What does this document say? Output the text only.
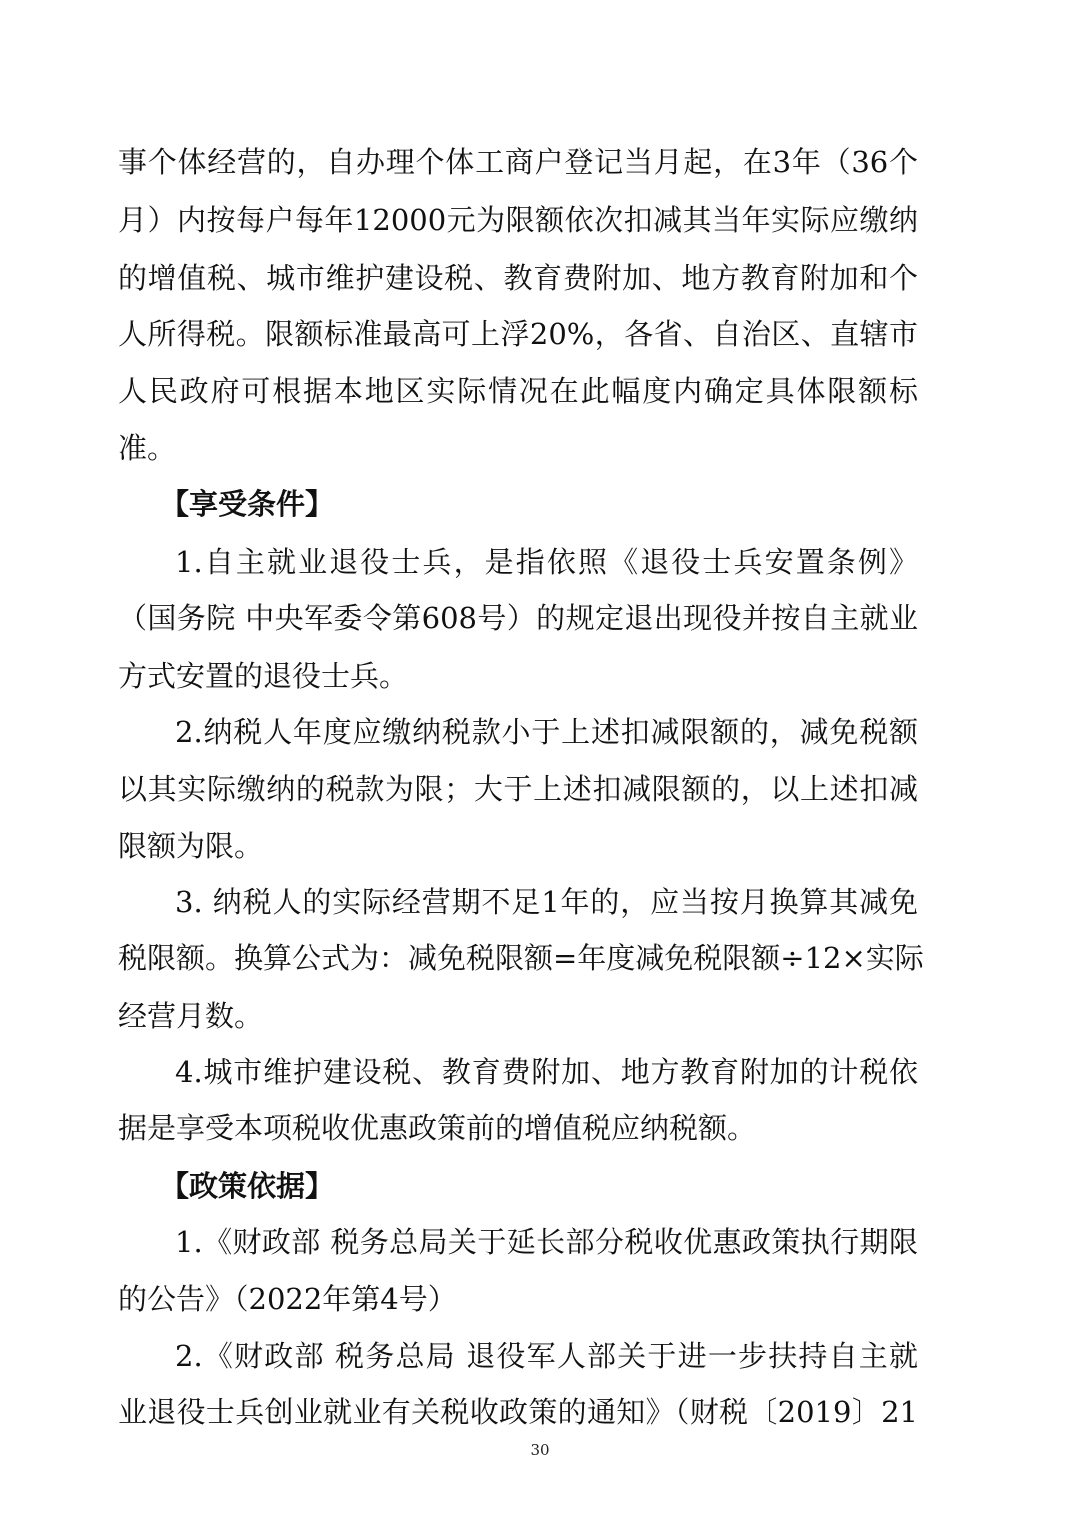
事个体经营的，自办理个体工商户登记当月起，在3年（36个
月）内按每户每年12000元为限额依次扣减其当年实际应缴纳
的增值税、城市维护建设税、教育费附加、地方教育附加和个
人所得税。限额标准最高可上浮20%，各省、自治区、直辖市
人民政府可根据本地区实际情况在此幅度内确定具体限额标
准。
【享受条件】
1.自主就业退役士兵，是指依照《退役士兵安置条例》
（国务院 中央军委令第608号）的规定退出现役并按自主就业
方式安置的退役士兵。
2.纳税人年度应缴纳税款小于上述扣减限额的，减免税额
以其实际缴纳的税款为限；大于上述扣减限额的，以上述扣减
限额为限。
3. 纳税人的实际经营期不足1年的，应当按月换算其减免
税限额。换算公式为：减免税限额=年度减免税限额÷12×实际
经营月数。
4.城市维护建设税、教育费附加、地方教育附加的计税依
据是享受本项税收优惠政策前的增值税应纳税额。
【政策依据】
1.《财政部 税务总局关于延长部分税收优惠政策执行期限
的公告》（2022年第4号）
2.《财政部 税务总局 退役军人部关于进一步扶持自主就
业退役士兵创业就业有关税收政策的通知》（财税〔2019〕21
30
